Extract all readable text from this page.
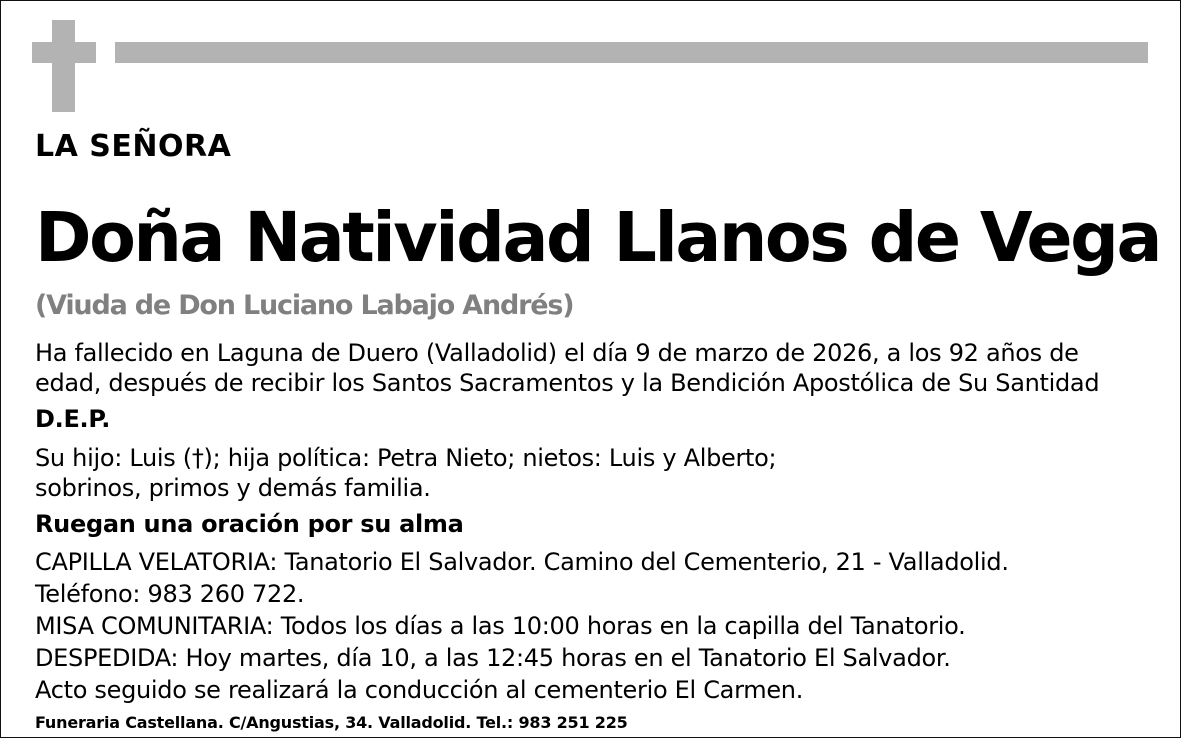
LA SEÑORA
Doña Natividad Llanos de Vega
(Viuda de Don Luciano Labajo Andrés)
Ha fallecido en Laguna de Duero (Valladolid) el día 9 de marzo de 2026, a los 92 años de
edad, después de recibir los Santos Sacramentos y la Bendición Apostólica de Su Santidad
D.E.P.
Su hijo: Luis (†); hija política: Petra Nieto; nietos: Luis y Alberto;
sobrinos, primos y demás familia.
Ruegan una oración por su alma
CAPILLA VELATORIA: Tanatorio El Salvador. Camino del Cementerio, 21 - Valladolid.
Teléfono: 983 260 722.
MISA COMUNITARIA: Todos los días a las 10:00 horas en la capilla del Tanatorio.
DESPEDIDA: Hoy martes, día 10, a las 12:45 horas en el Tanatorio El Salvador.
Acto seguido se realizará la conducción al cementerio El Carmen.
Funeraria Castellana. C/Angustias, 34. Valladolid. Tel.: 983 251 225
